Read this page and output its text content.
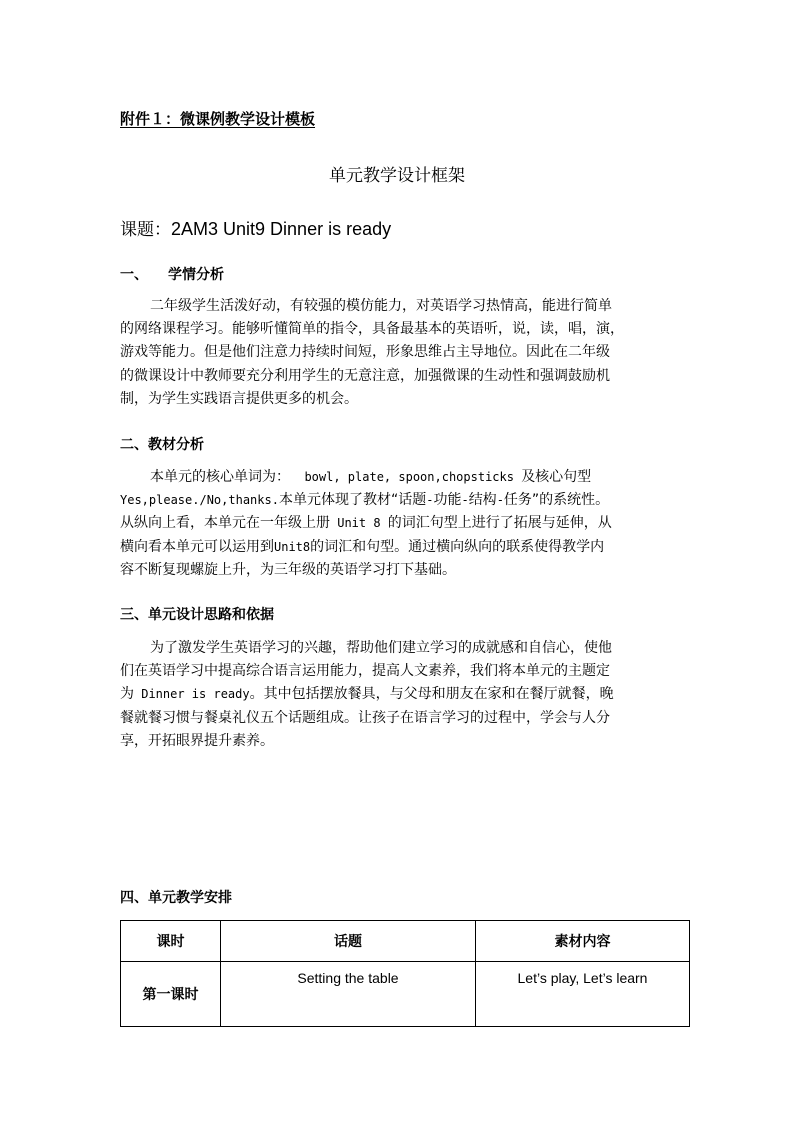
附件１：微课例教学设计模板
单元教学设计框架
课题：2AM3 Unit9 Dinner is ready
一、 学情分析
二年级学生活泼好动，有较强的模仿能力，对英语学习热情高，能进行简单
的网络课程学习。能够听懂简单的指令，具备最基本的英语听，说，读，唱，演，
游戏等能力。但是他们注意力持续时间短，形象思维占主导地位。因此在二年级
的微课设计中教师要充分利用学生的无意注意，加强微课的生动性和强调鼓励机
制，为学生实践语言提供更多的机会。
二、教材分析
本单元的核心单词为：  bowl, plate, spoon,chopsticks 及核心句型
Yes,please./No,thanks.本单元体现了教材“话题-功能-结构-任务”的系统性。
从纵向上看，本单元在一年级上册 Unit 8 的词汇句型上进行了拓展与延伸，从
横向看本单元可以运用到Unit8的词汇和句型。通过横向纵向的联系使得教学内
容不断复现螺旋上升，为三年级的英语学习打下基础。
三、单元设计思路和依据
为了激发学生英语学习的兴趣，帮助他们建立学习的成就感和自信心，使他
们在英语学习中提高综合语言运用能力，提高人文素养，我们将本单元的主题定
为 Dinner is ready。其中包括摆放餐具，与父母和朋友在家和在餐厅就餐，晚
餐就餐习惯与餐桌礼仪五个话题组成。让孩子在语言学习的过程中，学会与人分
享，开拓眼界提升素养。
四、单元教学安排
课时	话题	素材内容
第一课时	Setting the table	Let’s play, Let’s learn
